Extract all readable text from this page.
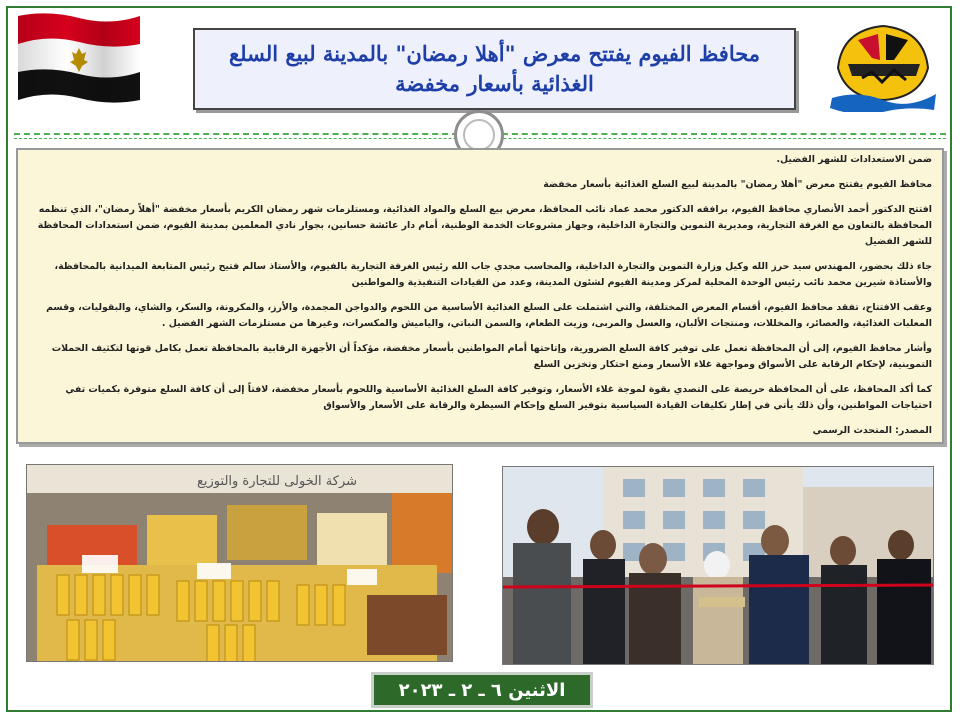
محافظ الفيوم يفتتح معرض "أهلا رمضان" بالمدينة لبيع السلع الغذائية بأسعار مخفضة

ضمن الاستعدادات للشهر الفضيل.

محافظ الفيوم يفتتح معرض "أهلا رمضان" بالمدينة لبيع السلع الغذائية بأسعار مخفضة

افتتح الدكتور أحمد الأنصاري محافظ الفيوم، برافقه الدكتور محمد عماد نائب المحافظ، معرض بيع السلع والمواد الغذائية، ومستلزمات شهر رمضان الكريم بأسعار مخفضة "أهلاً رمضان"، الذي تنظمه المحافظة بالتعاون مع الغرفة التجارية، ومديرية التموين والتجارة الداخلية، وجهاز مشروعات الخدمة الوطنية، أمام دار عائشة حسانين، بجوار نادي المعلمين بمدينة الفيوم، ضمن استعدادات المحافظة للشهر الفضيل

جاء ذلك بحضور، المهندس سيد حرز الله وكيل وزارة التموين والتجارة الداخلية، والمحاسب مجدي جاب الله رئيس الغرفة التجارية بالفيوم، والأستاذ سالم فتيح رئيس المتابعة الميدانية بالمحافظة، والأستاذة شيرين محمد نائب رئيس الوحدة المحلية لمركز ومدينة الفيوم لشئون المدينة، وعدد من القيادات التنفيذية والمواطنين

وعقب الافتتاح، تفقد محافظ الفيوم، أقسام المعرض المختلفة، والتي اشتملت على السلع الغذائية الأساسية من اللحوم والدواجن المجمدة، والأرز، والمكرونة، والسكر، والشاي، والبقوليات، وقسم المعلبات الغذائية، والعصائر، والمخللات، ومنتجات الألبان، والعسل والمربى، وزيت الطعام، والسمن النباتي، والياميش والمكسرات، وغيرها من مستلزمات الشهر الفضيل .

وأشار محافظ الفيوم، إلى أن المحافظة تعمل على توفير كافة السلع الضرورية، وإتاحتها أمام المواطنين بأسعار مخفضة، مؤكداً أن الأجهزة الرقابية بالمحافظة تعمل بكامل قوتها لتكثيف الحملات التموينية، لإحكام الرقابة على الأسواق ومواجهة غلاء الأسعار ومنع احتكار وتخزين السلع

كما أكد المحافظ، على أن المحافظة حريصة على التصدي بقوة لموجة غلاء الأسعار، وتوفير كافة السلع الغذائية الأساسية واللحوم بأسعار مخفضة، لافتاً إلى أن كافة السلع متوفرة بكميات تفي احتياجات المواطنين، وأن ذلك يأتي في إطار تكليفات القيادة السياسية بتوفير السلع وإحكام السيطرة والرقابة على الأسعار والأسواق

المصدر: المتحدث الرسمي

شركة الخولى للتجارة والتوزيع
الاثنين ٦ ـ ٢ ـ ٢٠٢٣
